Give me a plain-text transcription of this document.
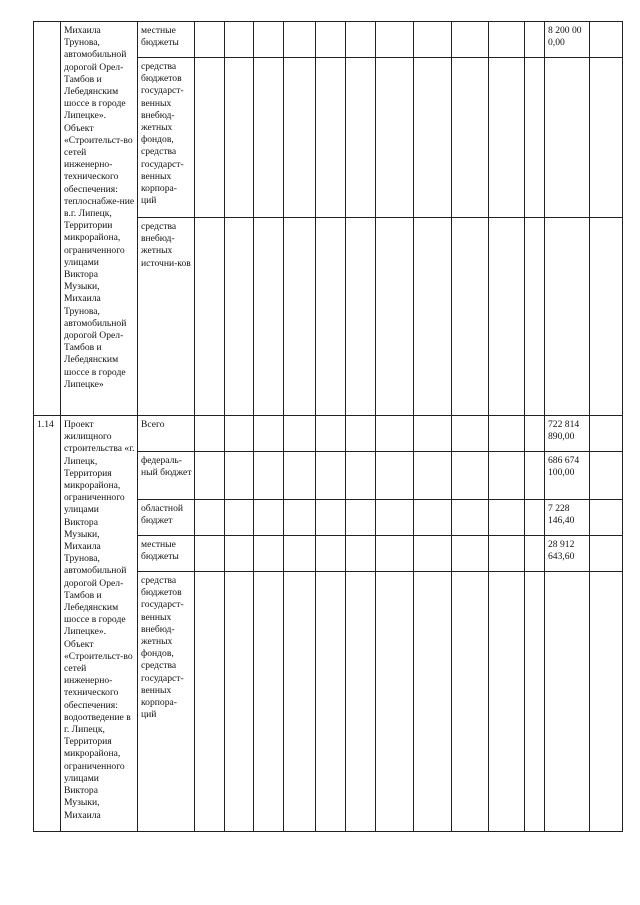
	Михаила Трунова, автомобильной дорогой Орел-Тамбов и Лебедянским шоссе в городе Липецке». Объект «Строительст-во сетей инженерно-технического обеспечения: теплоснабже-ние в.г. Липецк, Территории микрорайона, ограниченного улицами Виктора Музыки, Михаила Трунова, автомобильной дорогой Орел-Тамбов и Лебедянским шоссе в городе Липецке»	местные бюджеты												8 200 00 0,00	
		средства бюджетов государст-венных внебюд-жетных фондов, средства государст-венных корпора-ций													
		средства внебюд-жетных источни-ков													
1.14	Проект жилищного строительства «г. Липецк, Территория микрорайона, ограниченного улицами Виктора Музыки, Михаила Трунова, автомобильной дорогой Орел-Тамбов и Лебедянским шоссе в городе Липецке». Объект «Строительст-во сетей инженерно-технического обеспечения: водоотведение в г. Липецк, Территория микрорайона, ограниченного улицами Виктора Музыки, Михаила	Всего												722 814 890,00	
		федераль-ный бюджет												686 674 100,00	
		областной бюджет												7 228 146,40	
		местные бюджеты												28 912 643,60	
		средства бюджетов государст-венных внебюд-жетных фондов, средства государст-венных корпора-ций													
